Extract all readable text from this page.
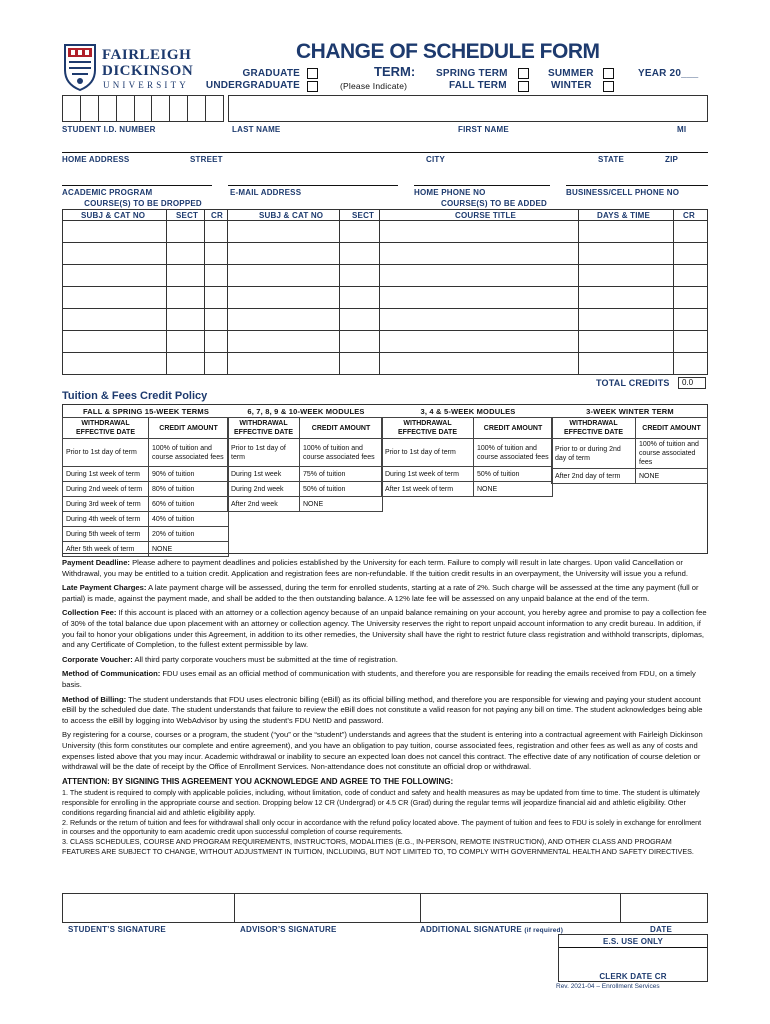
FAIRLEIGH
DICKINSON
UNIVERSITY
CHANGE OF SCHEDULE FORM
GRADUATE
UNDERGRADUATE
TERM:
(Please Indicate)
SPRING TERM
FALL TERM
SUMMER
WINTER
YEAR 20___

STUDENT I.D. NUMBER	LAST NAME	FIRST NAME	MI
HOME ADDRESS	STREET	CITY	STATE	ZIP
ACADEMIC PROGRAM	E-MAIL ADDRESS	HOME PHONE NO	BUSINESS/CELL PHONE NO
COURSE(S) TO BE DROPPED	COURSE(S) TO BE ADDED
SUBJ & CAT NO	SECT CR	SUBJ & CAT NO	SECT	COURSE TITLE	DAYS & TIME	CR
TOTAL CREDITS	0.0
Tuition & Fees Credit Policy
FALL & SPRING 15-WEEK TERMS	6, 7, 8, 9 & 10-WEEK MODULES	3, 4 & 5-WEEK MODULES	3-WEEK WINTER TERM
WITHDRAWAL EFFECTIVE DATE	CREDIT AMOUNT
Prior to 1st day of term	100% of tuition and course associated fees
During 1st week of term	90% of tuition
During 2nd week of term	80% of tuition
During 3rd week of term	60% of tuition
During 4th week of term	40% of tuition
During 5th week of term	20% of tuition
After 5th week of term	NONE
WITHDRAWAL EFFECTIVE DATE	CREDIT AMOUNT
Prior to 1st day of term	100% of tuition and course associated fees
During 1st week	75% of tuition
During 2nd week	50% of tuition
After 2nd week	NONE
WITHDRAWAL EFFECTIVE DATE	CREDIT AMOUNT
Prior to 1st day of term	100% of tuition and course associated fees
During 1st week of term	50% of tuition
After 1st week of term	NONE
WITHDRAWAL EFFECTIVE DATE	CREDIT AMOUNT
Prior to or during 2nd day of term	100% of tuition and course associated fees
After 2nd day of term	NONE

Payment Deadline: Please adhere to payment deadlines and policies established by the University for each term. Failure to comply will result in late charges. Upon valid Cancellation or Withdrawal, you may be entitled to a tuition credit. Application and registration fees are non-refundable. If the tuition credit results in an overpayment, the University will issue you a refund.

Late Payment Charges: A late payment charge will be assessed, during the term for enrolled students, starting at a rate of 2%. Such charge will be assessed at the time any payment (full or partial) is made, against the payment made, and shall be added to the then outstanding balance. A 12% late fee will be assessed on any unpaid balance at the end of the term.

Collection Fee: If this account is placed with an attorney or a collection agency because of an unpaid balance remaining on your account, you hereby agree and promise to pay a collection fee of 30% of the total balance due upon placement with an attorney or collection agency. The University reserves the right to report unpaid account information to any credit bureau. In addition, if you fail to honor your obligations under this Agreement, in addition to its other remedies, the University shall have the right to restrict future class registration and withhold transcripts, diplomas, and any Certificate of Completion, to the fullest extent permissible by law.

Corporate Voucher: All third party corporate vouchers must be submitted at the time of registration.

Method of Communication: FDU uses email as an official method of communication with students, and therefore you are responsible for reading the emails received from FDU, on a timely basis.

Method of Billing: The student understands that FDU uses electronic billing (eBill) as its official billing method, and therefore you are responsible for viewing and paying your student account eBill by the scheduled due date. The student understands that failure to review the eBill does not constitute a valid reason for not paying any bill on time. The student acknowledges being able to access the eBill by logging into WebAdvisor by using the student’s FDU NetID and password.

By registering for a course, courses or a program, the student (“you” or the “student”) understands and agrees that the student is entering into a contractual agreement with Fairleigh Dickinson University (this form constitutes our complete and entire agreement), and you have an obligation to pay tuition, course associated fees, registration and other fees as well as any of costs and expenses listed above that you may incur. Academic withdrawal or inability to secure an expected loan does not cancel this contract. The effective date of any notification of course deletion or withdrawal will be the date of receipt by the Office of Enrollment Services. Non-attendance does not constitute an official drop or withdrawal.

ATTENTION: BY SIGNING THIS AGREEMENT YOU ACKNOWLEDGE AND AGREE TO THE FOLLOWING:

1. The student is required to comply with applicable policies, including, without limitation, code of conduct and safety and health measures as may be updated from time to time. The student is ultimately responsible for enrolling in the appropriate course and section. Dropping below 12 CR (Undergrad) or 4.5 CR (Grad) during the regular terms will jeopardize financial aid and athletic eligibility. Other conditions regarding financial aid and athletic eligibility apply.

2. Refunds or the return of tuition and fees for withdrawal shall only occur in accordance with the refund policy located above. The payment of tuition and fees to FDU is solely in exchange for enrollment in courses and the opportunity to earn academic credit upon successful completion of course requirements.

3. CLASS SCHEDULES, COURSE AND PROGRAM REQUIREMENTS, INSTRUCTORS, MODALITIES (E.G., IN-PERSON, REMOTE INSTRUCTION), AND OTHER CLASS AND PROGRAM FEATURES ARE SUBJECT TO CHANGE, WITHOUT ADJUSTMENT IN TUITION, INCLUDING, BUT NOT LIMITED TO, TO COMPLY WITH GOVERNMENTAL HEALTH AND SAFETY DIRECTIVES.

STUDENT’S SIGNATURE	ADVISOR’S SIGNATURE	ADDITIONAL SIGNATURE (if required)	DATE
E.S. USE ONLY
CLERK DATE CR
Rev. 2021-04 – Enrollment Services
